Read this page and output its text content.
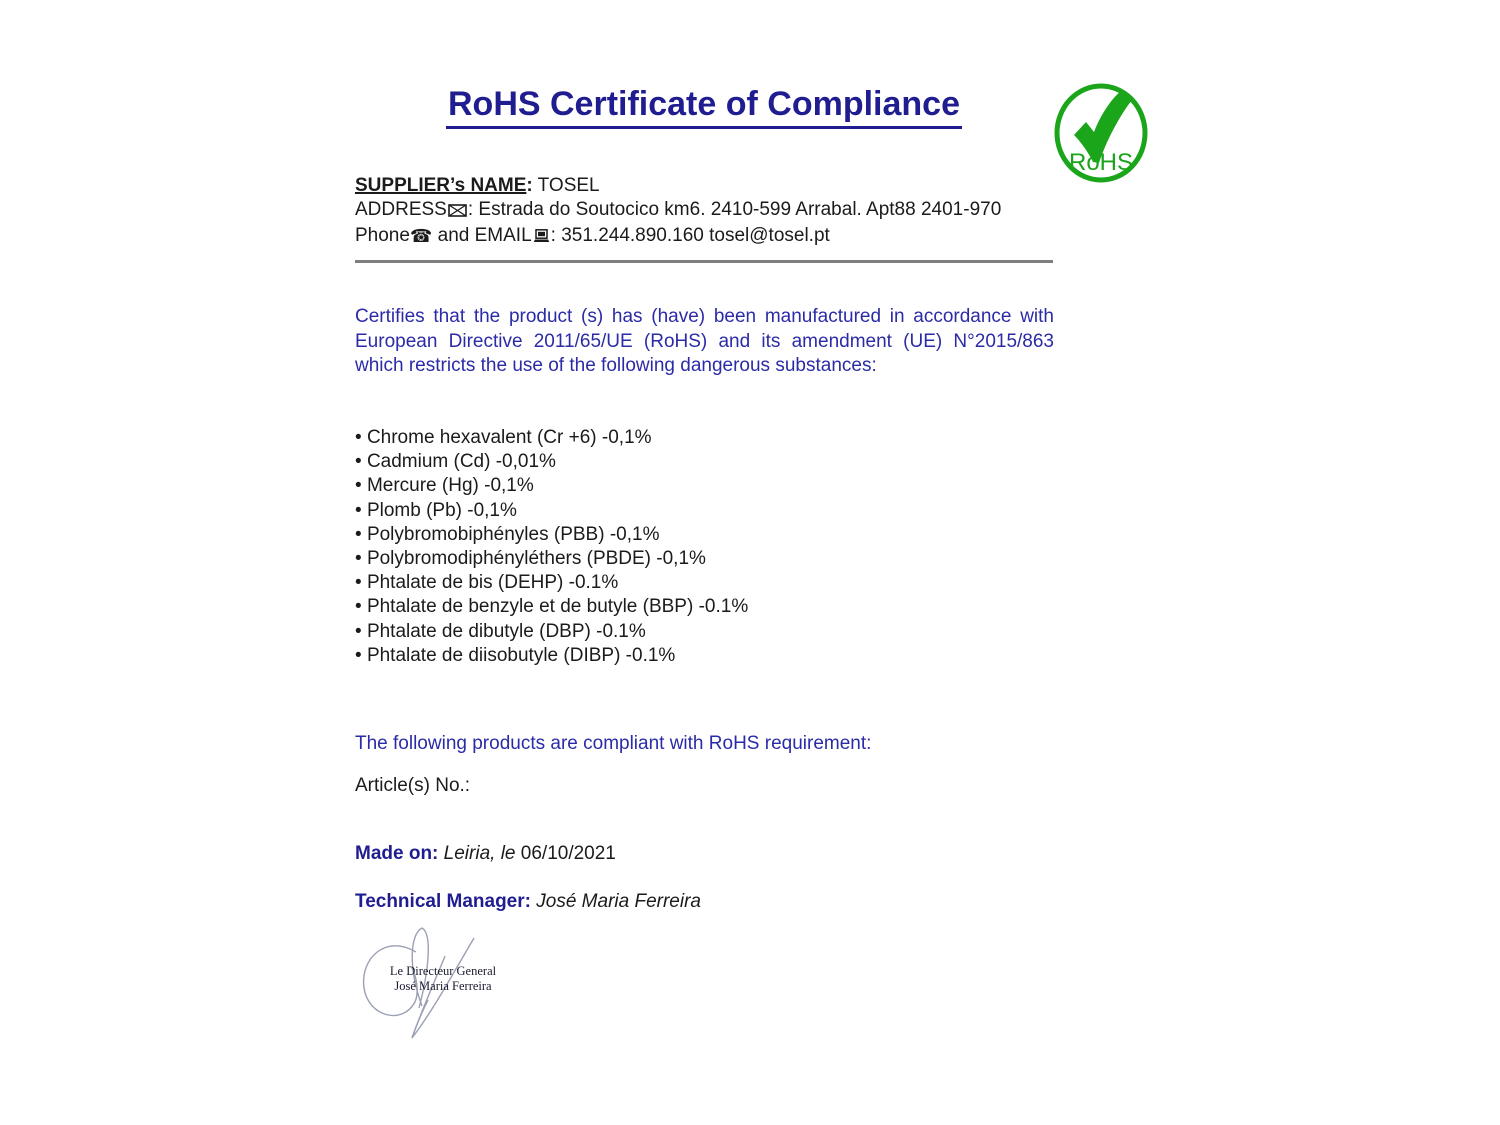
RoHS Certificate of Compliance
RoHS

SUPPLIER’s NAME: TOSEL

ADDRESS : Estrada do Soutocico km6. 2410-599 Arrabal. Apt88 2401-970

Phone☎ and EMAIL : 351.244.890.160 tosel@tosel.pt

Certifies that the product (s) has (have) been manufactured in accordance with European Directive 2011/65/UE (RoHS) and its amendment (UE) N°2015/863 which restricts the use of the following dangerous substances:

• Chrome hexavalent (Cr +6) -0,1%
• Cadmium (Cd) -0,01%
• Mercure (Hg) -0,1%
• Plomb (Pb) -0,1%
• Polybromobiphényles (PBB) -0,1%
• Polybromodiphényléthers (PBDE) -0,1%
• Phtalate de bis (DEHP) -0.1%
• Phtalate de benzyle et de butyle (BBP) -0.1%
• Phtalate de dibutyle (DBP) -0.1%
• Phtalate de diisobutyle (DIBP) -0.1%

The following products are compliant with RoHS requirement:

Article(s) No.:

Made on: Leiria, le 06/10/2021

Technical Manager: José Maria Ferreira

Le Directeur General
José Maria Ferreira
